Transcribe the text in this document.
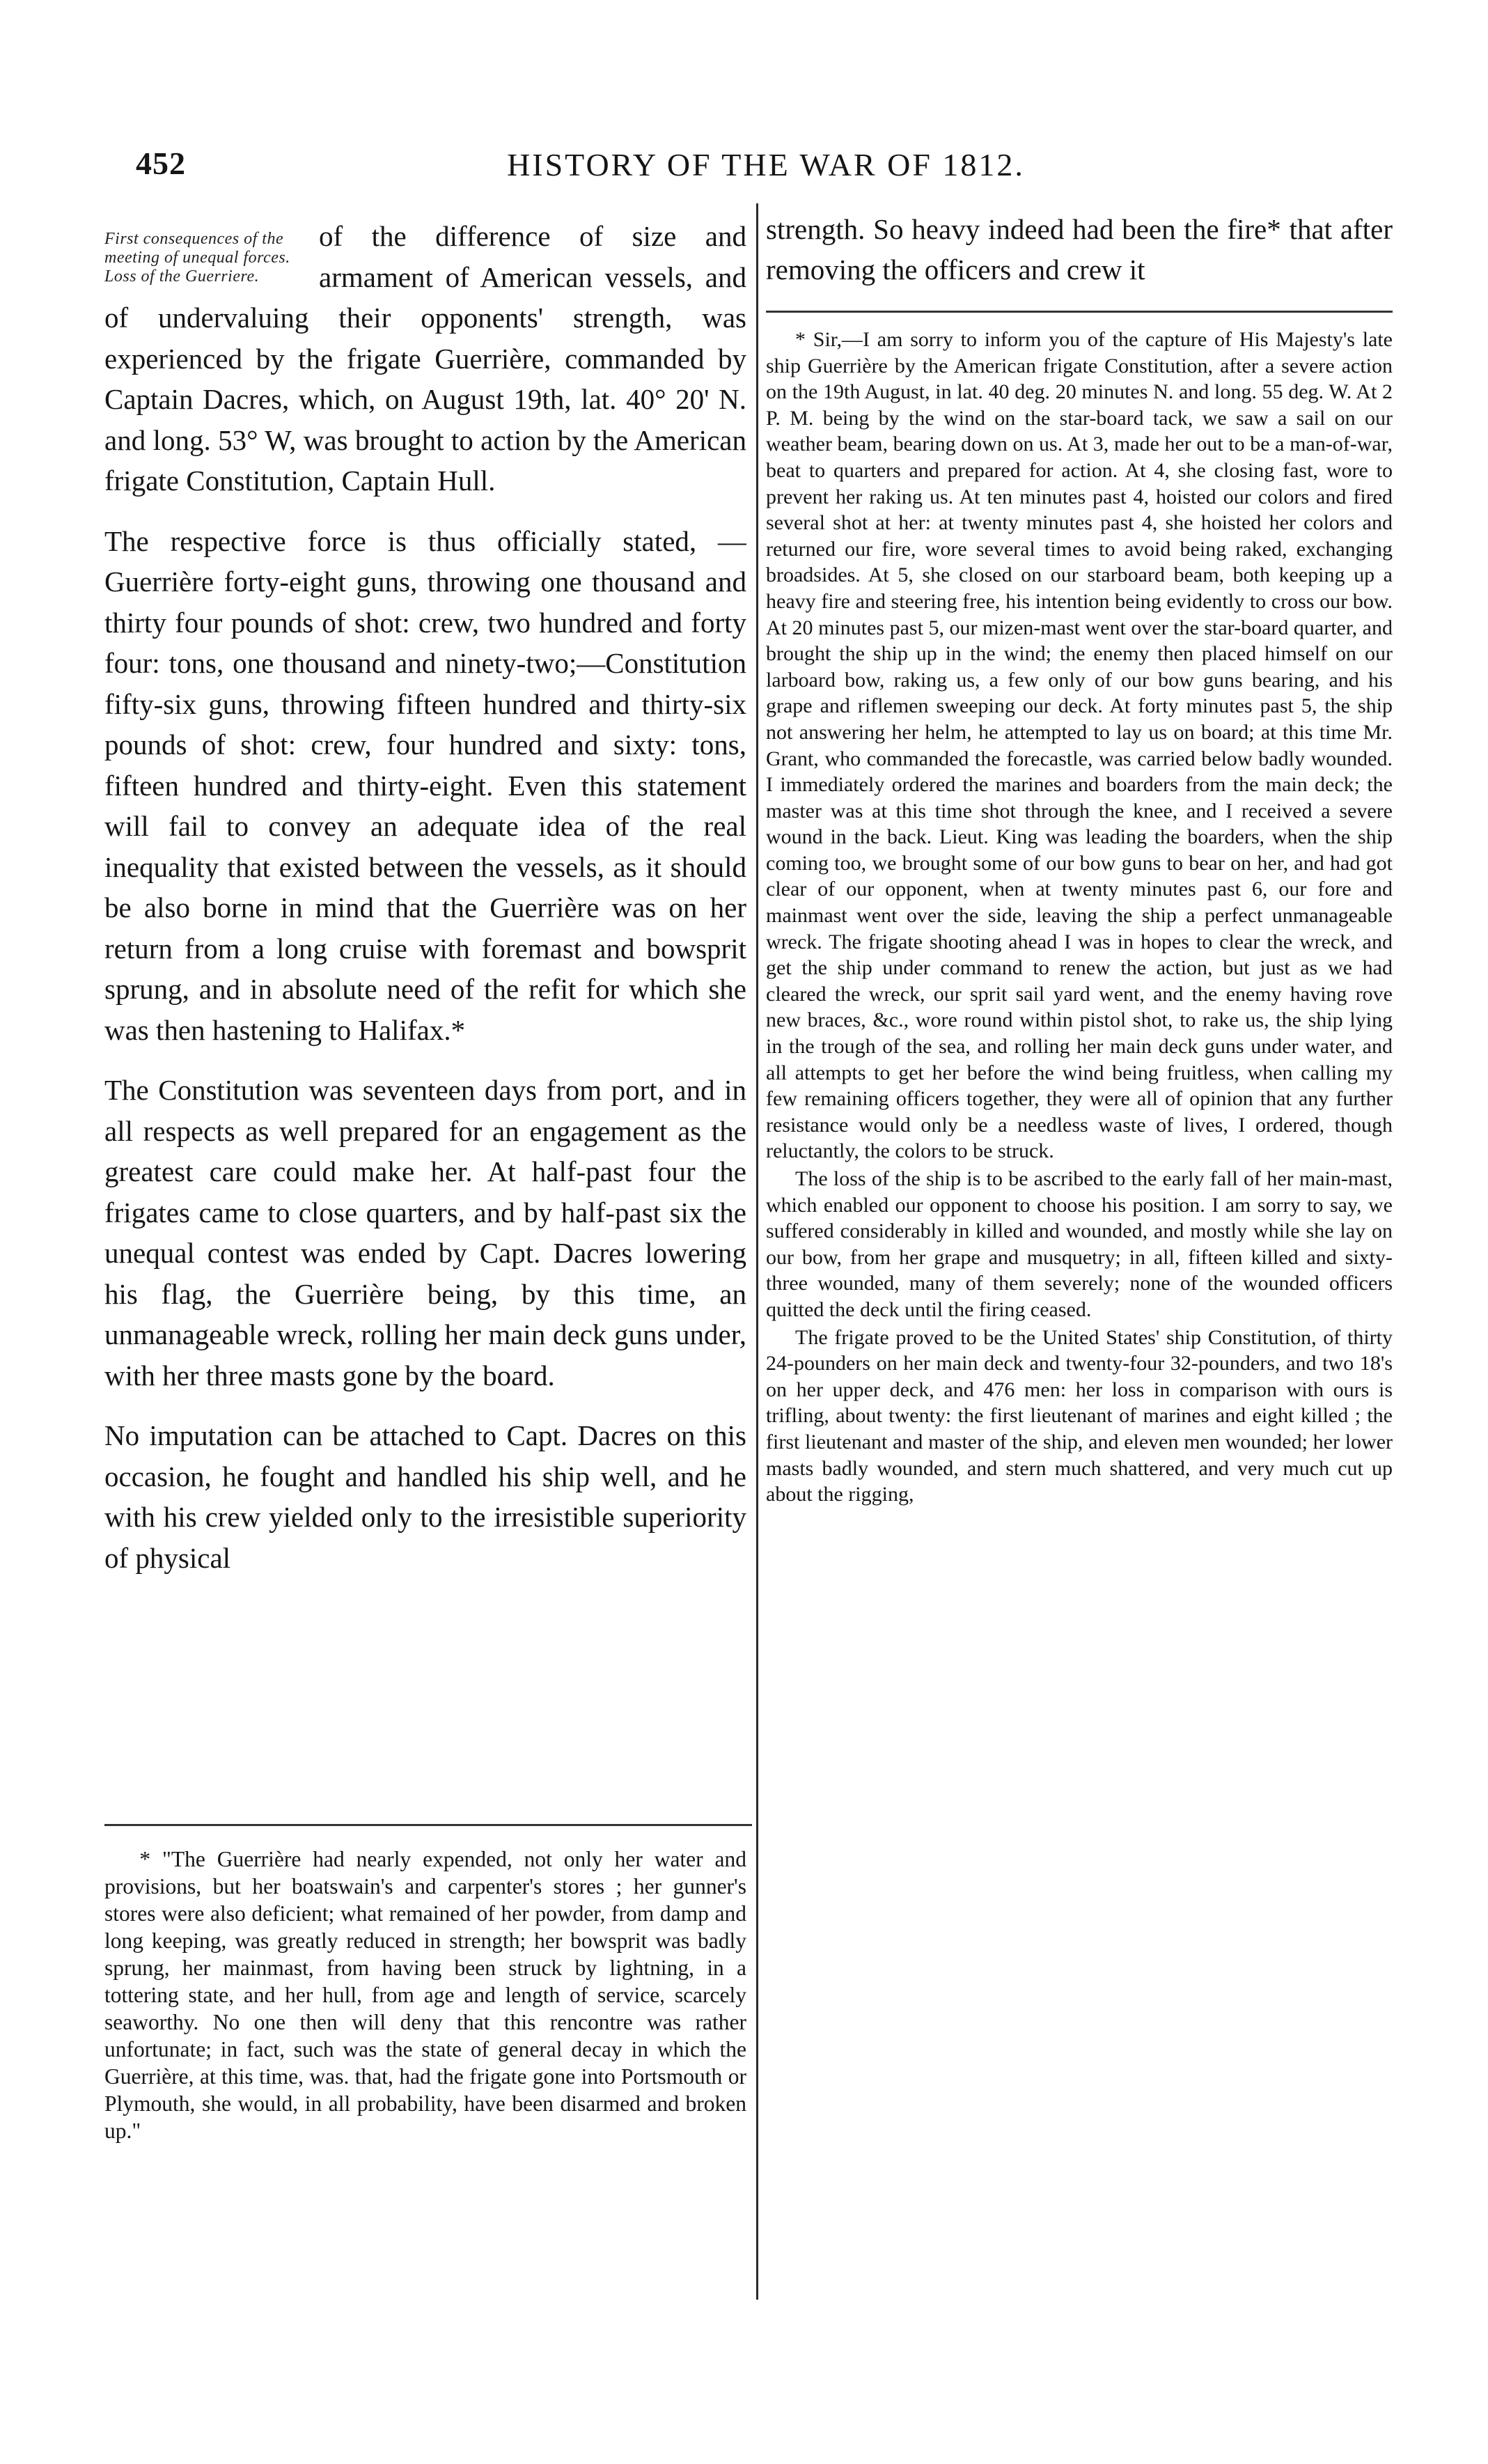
452	HISTORY OF THE WAR OF 1812.
First consequences of the meeting of unequal forces. Loss of the Guerriere.

of the difference of size and armament of American vessels, and of undervaluing their opponents' strength, was experienced by the frigate Guerrière, commanded by Captain Dacres, which, on August 19th, lat. 40° 20' N. and long. 53° W, was brought to action by the American frigate Constitution, Captain Hull.

The respective force is thus officially stated, —Guerrière forty-eight guns, throwing one thousand and thirty four pounds of shot: crew, two hundred and forty four: tons, one thousand and ninety-two;—Constitution fifty-six guns, throwing fifteen hundred and thirty-six pounds of shot: crew, four hundred and sixty: tons, fifteen hundred and thirty-eight. Even this statement will fail to convey an adequate idea of the real inequality that existed between the vessels, as it should be also borne in mind that the Guerrière was on her return from a long cruise with foremast and bowsprit sprung, and in absolute need of the refit for which she was then hastening to Halifax.*

The Constitution was seventeen days from port, and in all respects as well prepared for an engagement as the greatest care could make her. At half-past four the frigates came to close quarters, and by half-past six the unequal contest was ended by Capt. Dacres lowering his flag, the Guerrière being, by this time, an unmanageable wreck, rolling her main deck guns under, with her three masts gone by the board.

No imputation can be attached to Capt. Dacres on this occasion, he fought and handled his ship well, and he with his crew yielded only to the irresistible superiority of physical

* "The Guerrière had nearly expended, not only her water and provisions, but her boatswain's and carpenter's stores ; her gunner's stores were also deficient; what remained of her powder, from damp and long keeping, was greatly reduced in strength; her bowsprit was badly sprung, her mainmast, from having been struck by lightning, in a tottering state, and her hull, from age and length of service, scarcely seaworthy. No one then will deny that this rencontre was rather unfortunate; in fact, such was the state of general decay in which the Guerrière, at this time, was. that, had the frigate gone into Portsmouth or Plymouth, she would, in all probability, have been disarmed and broken up."

strength. So heavy indeed had been the fire* that after removing the officers and crew it

* Sir,—I am sorry to inform you of the capture of His Majesty's late ship Guerrière by the American frigate Constitution, after a severe action on the 19th August, in lat. 40 deg. 20 minutes N. and long. 55 deg. W. At 2 P. M. being by the wind on the star-board tack, we saw a sail on our weather beam, bearing down on us. At 3, made her out to be a man-of-war, beat to quarters and prepared for action. At 4, she closing fast, wore to prevent her raking us. At ten minutes past 4, hoisted our colors and fired several shot at her: at twenty minutes past 4, she hoisted her colors and returned our fire, wore several times to avoid being raked, exchanging broadsides. At 5, she closed on our starboard beam, both keeping up a heavy fire and steering free, his intention being evidently to cross our bow. At 20 minutes past 5, our mizen-mast went over the star-board quarter, and brought the ship up in the wind; the enemy then placed himself on our larboard bow, raking us, a few only of our bow guns bearing, and his grape and riflemen sweeping our deck. At forty minutes past 5, the ship not answering her helm, he attempted to lay us on board; at this time Mr. Grant, who commanded the forecastle, was carried below badly wounded. I immediately ordered the marines and boarders from the main deck; the master was at this time shot through the knee, and I received a severe wound in the back. Lieut. King was leading the boarders, when the ship coming too, we brought some of our bow guns to bear on her, and had got clear of our opponent, when at twenty minutes past 6, our fore and mainmast went over the side, leaving the ship a perfect unmanageable wreck. The frigate shooting ahead I was in hopes to clear the wreck, and get the ship under command to renew the action, but just as we had cleared the wreck, our sprit sail yard went, and the enemy having rove new braces, &c., wore round within pistol shot, to rake us, the ship lying in the trough of the sea, and rolling her main deck guns under water, and all attempts to get her before the wind being fruitless, when calling my few remaining officers together, they were all of opinion that any further resistance would only be a needless waste of lives, I ordered, though reluctantly, the colors to be struck.

The loss of the ship is to be ascribed to the early fall of her main-mast, which enabled our opponent to choose his position. I am sorry to say, we suffered considerably in killed and wounded, and mostly while she lay on our bow, from her grape and musquetry; in all, fifteen killed and sixty-three wounded, many of them severely; none of the wounded officers quitted the deck until the firing ceased.

The frigate proved to be the United States' ship Constitution, of thirty 24-pounders on her main deck and twenty-four 32-pounders, and two 18's on her upper deck, and 476 men: her loss in comparison with ours is trifling, about twenty: the first lieutenant of marines and eight killed ; the first lieutenant and master of the ship, and eleven men wounded; her lower masts badly wounded, and stern much shattered, and very much cut up about the rigging,
